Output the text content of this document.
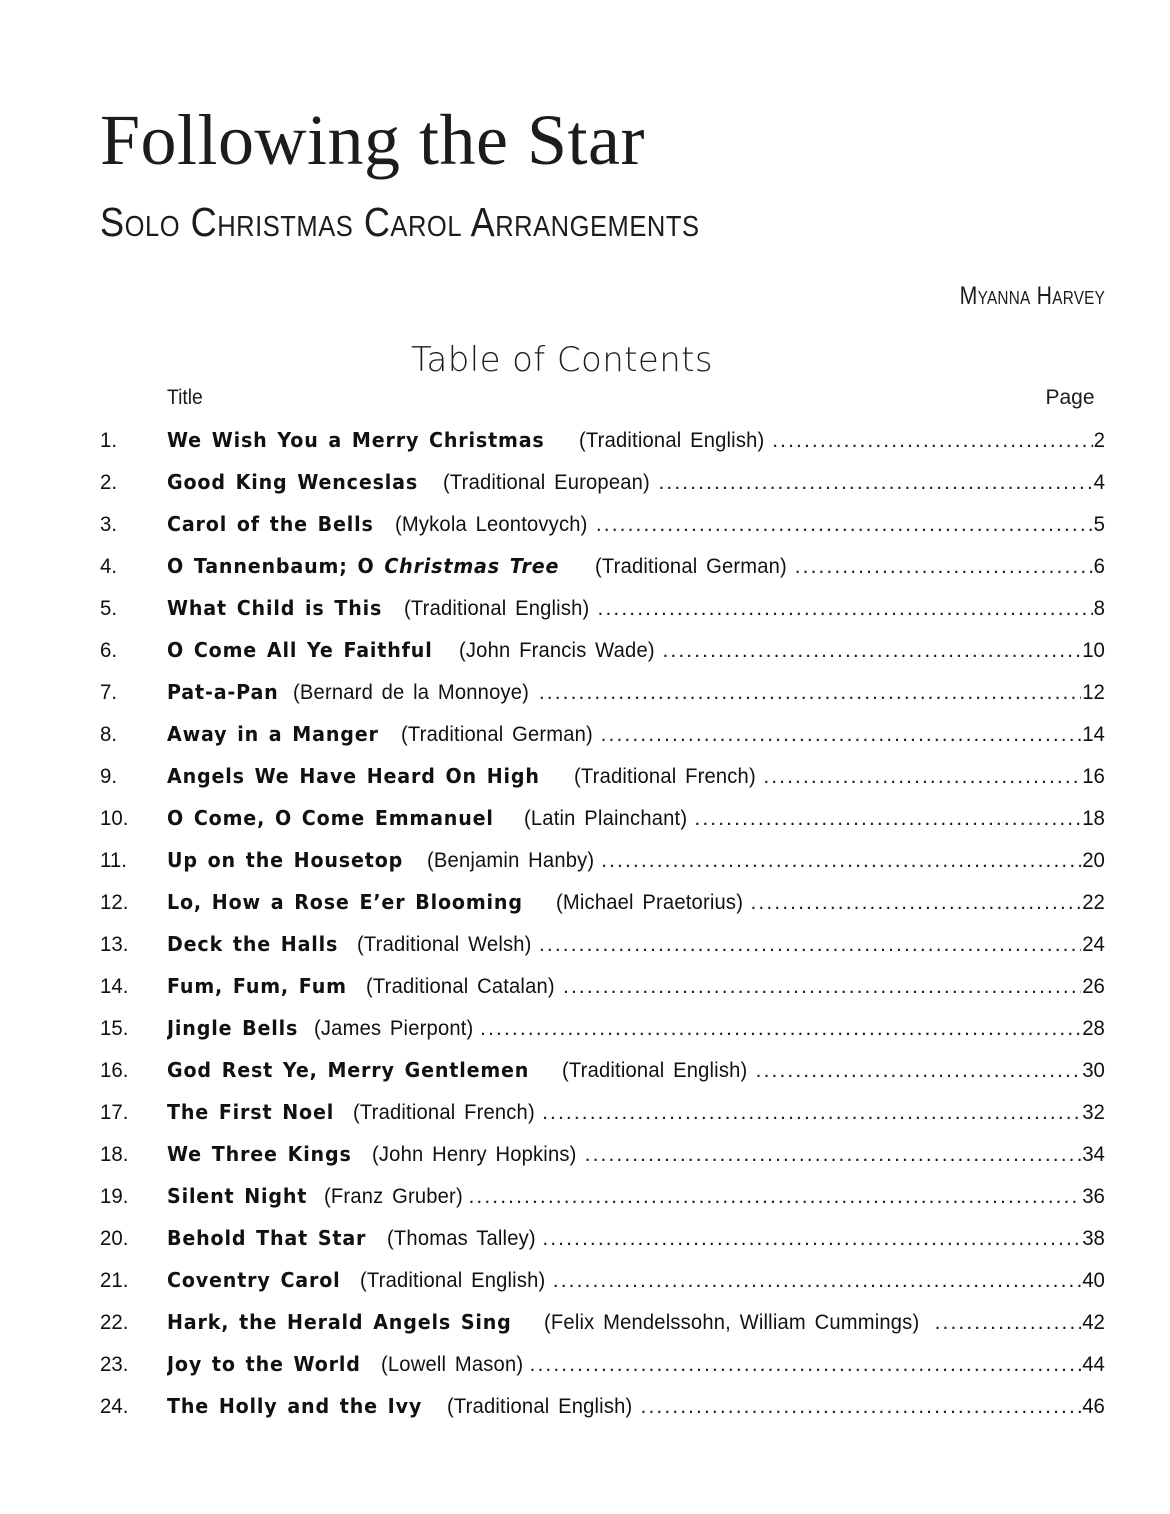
Following the Star
Solo Christmas Carol Arrangements
Myanna Harvey
Table of Contents
Title	Page
1.	We Wish You a Merry Christmas (Traditional English) .....	2
2.	Good King Wenceslas (Traditional European) .....	4
3.	Carol of the Bells (Mykola Leontovych) .....	5
4.	O Tannenbaum; O Christmas Tree (Traditional German) .....	6
5.	What Child is This (Traditional English) .....	8
6.	O Come All Ye Faithful (John Francis Wade) .....	10
7.	Pat-a-Pan (Bernard de la Monnoye) .....	12
8.	Away in a Manger (Traditional German) .....	14
9.	Angels We Have Heard On High (Traditional French) .....	16
10.	O Come, O Come Emmanuel (Latin Plainchant) .....	18
11.	Up on the Housetop (Benjamin Hanby) .....	20
12.	Lo, How a Rose E’er Blooming (Michael Praetorius) .....	22
13.	Deck the Halls (Traditional Welsh) .....	24
14.	Fum, Fum, Fum (Traditional Catalan) .....	26
15.	Jingle Bells (James Pierpont) .....	28
16.	God Rest Ye, Merry Gentlemen (Traditional English) .....	30
17.	The First Noel (Traditional French) .....	32
18.	We Three Kings (John Henry Hopkins) .....	34
19.	Silent Night (Franz Gruber) .....	36
20.	Behold That Star (Thomas Talley) .....	38
21.	Coventry Carol (Traditional English) .....	40
22.	Hark, the Herald Angels Sing (Felix Mendelssohn, William Cummings) .....	42
23.	Joy to the World (Lowell Mason) .....	44
24.	The Holly and the Ivy (Traditional English) .....	46
